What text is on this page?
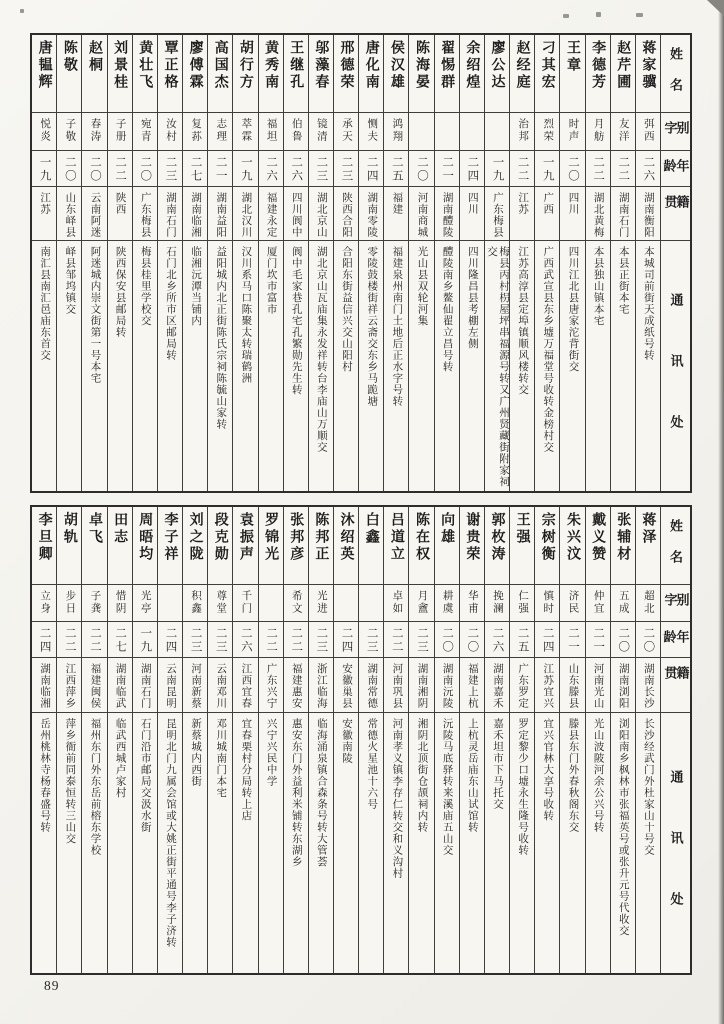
姓名
别字
年龄
籍贯
通讯处
蒋家骥
弭西
二六
湖南衡阳
本城司前街天成纸号转
赵芹圃
友洋
二二
湖南石门
本县正街本宅
李德芳
月舫
二二
湖北黄梅
本县独山镇本宅
王章
时声
二〇
四川
四川江北县唐家沱背街交
刁其宏
烈荣
一九
广西
广西武宣县东乡墟万福堂号收转金榜村交
赵经庭
治邦
二二
江苏
江苏高淳县定埠镇顺风楼转交
廖公达
一九
广东梅县
梅县丙村枴屋坪串福源号转又广州贤藏街附家祠交
余绍煌
二四
四川
四川隆昌县考棚左侧
翟惕群
二一
湖南醴陵
醴陵南乡鳌仙翟立昌号转
陈海晏
二〇
河南商城
光山县双轮河集
侯汉雄
鸿翔
二五
福建
福建泉州南门土地后正水字号转
唐化南
恻夫
二四
湖南零陵
零陵鼓楼街祥云斋交东乡马跪塘
邢德荣
承天
二三
陕西合阳
合阳东街益信兴交山阳村
邬藻春
镜清
二三
湖北京山
湖北京山瓦庙集永发祥转台李庙山万顺交
王继孔
伯鲁
二六
四川阆中
阆中毛家巷孔宅孔繁勋先生转
黄秀南
福坦
二六
福建永定
厦门坎市富市
胡行方
萃霖
一九
湖北汉川
汉川系马口陈聚太转瑞鹤洲
高国杰
志理
二一
湖南益阳
益阳城内北正街陈氏宗祠陈毓山家转
廖傅霖
复荪
二七
湖南临湘
临湘沅潭当铺内
覃正格
汝村
二三
湖南石门
石门北乡所市区邮局转
黄壮飞
宛青
二〇
广东梅县
梅县桂里学校交
刘景桂
子册
二二
陕西
陕西保安县邮局转
赵桐
春涛
二〇
云南阿迷
阿迷城内崇文街第一号本宅
陈敬
子敬
二〇
山东峄县
峄县邹坞镇交
唐韫辉
悦炎
一九
江苏
南汇县南汇邑庙东首交
姓名
别字
年龄
籍贯
通讯处
蒋泽
超北
二〇
湖南长沙
长沙经武门外杜家山十号交
张辅材
五成
二〇
湖南浏阳
浏阳南乡枫林市张福英号或张升元号代收交
戴义赞
仲宜
二一
河南光山
光山波陂河余公兴号转
朱兴汶
济民
二一
山东滕县
滕县东门外春秋阁东交
宗树衡
慎时
二四
江苏宜兴
宜兴官林大享号收转
王强
仁强
二五
广东罗定
罗定黎少口墟永生隆号收转
郭枚涛
挽澜
二六
湖南嘉禾
嘉禾坦市下马托交
谢贵荣
华甫
二〇
福建上杭
上杭灵岳庙东山试馆转
向雄
耕虞
二〇
湖南沅陵
沅陵马底驿转来溪庙五山交
陈在权
月盦
二三
湖南湘阴
湘阴北顶街仓颉祠内转
吕道立
卓如
二二
河南巩县
河南孝义镇李存仁转交和义沟村
白鑫
二三
湖南常德
常德火星池十六号
沐绍英
二四
安徽巢县
安徽南陵
陈邦正
光进
二三
浙江临海
临海涌泉镇合森条号转大管荟
张邦彦
希文
二二
福建惠安
惠安东门外益利米铺转东湖乡
罗锦光
二二
广东兴宁
兴宁兴民中学
袁振声
千门
二六
江西宜春
宜春栗村分局转上店
段克勋
尊堂
二三
云南邓川
邓川城南门本宅
刘之陇
积鑫
二三
河南新蔡
新蔡城内西街
李子祥
二四
云南昆明
昆明北门九属会馆或大姚正街平通号李子济转
周晤均
光亭
一九
湖南石门
石门沿市邮局交汲水街
田志
惜阴
二七
湖南临武
临武西城卢家村
卓飞
子龚
二二
福建闽侯
福州东门外东岳前榕东学校
胡轨
步日
二二
江西萍乡
萍乡衙前同泰恒转三山交
李旦卿
立身
二四
湖南临湘
岳州桃林寺杨春盛号转
89
